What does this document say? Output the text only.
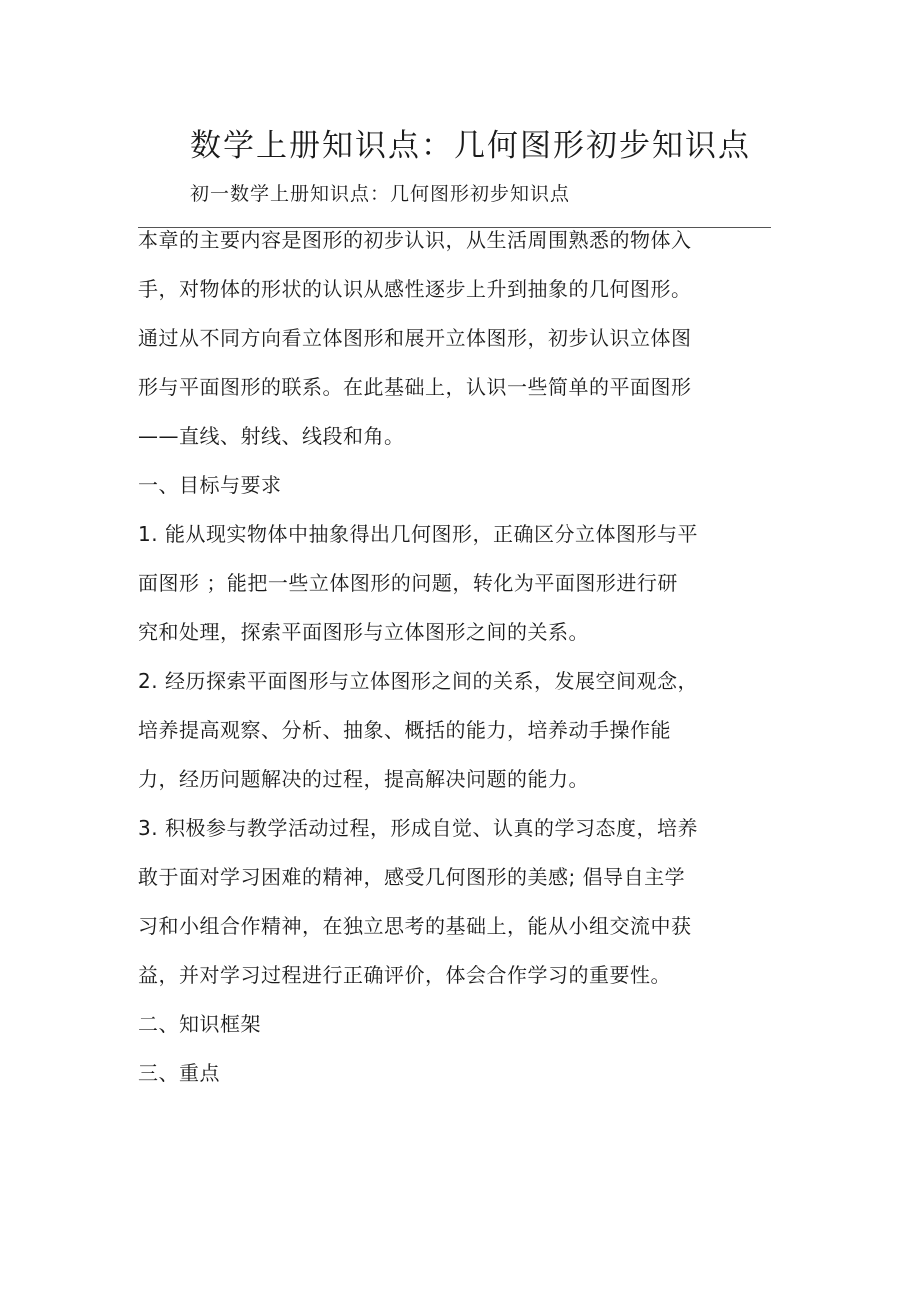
数学上册知识点：几何图形初步知识点
初一数学上册知识点：几何图形初步知识点

本章的主要内容是图形的初步认识，从生活周围熟悉的物体入手，对物体的形状的认识从感性逐步上升到抽象的几何图形。通过从不同方向看立体图形和展开立体图形，初步认识立体图形与平面图形的联系。在此基础上，认识一些简单的平面图形——直线、射线、线段和角。

一、目标与要求

1. 能从现实物体中抽象得出几何图形，正确区分立体图形与平面图形 ；能把一些立体图形的问题，转化为平面图形进行研究和处理，探索平面图形与立体图形之间的关系。

2. 经历探索平面图形与立体图形之间的关系，发展空间观念，培养提高观察、分析、抽象、概括的能力，培养动手操作能力，经历问题解决的过程，提高解决问题的能力。

3. 积极参与教学活动过程，形成自觉、认真的学习态度，培养敢于面对学习困难的精神，感受几何图形的美感; 倡导自主学习和小组合作精神，在独立思考的基础上，能从小组交流中获益，并对学习过程进行正确评价，体会合作学习的重要性。

二、知识框架

三、重点
